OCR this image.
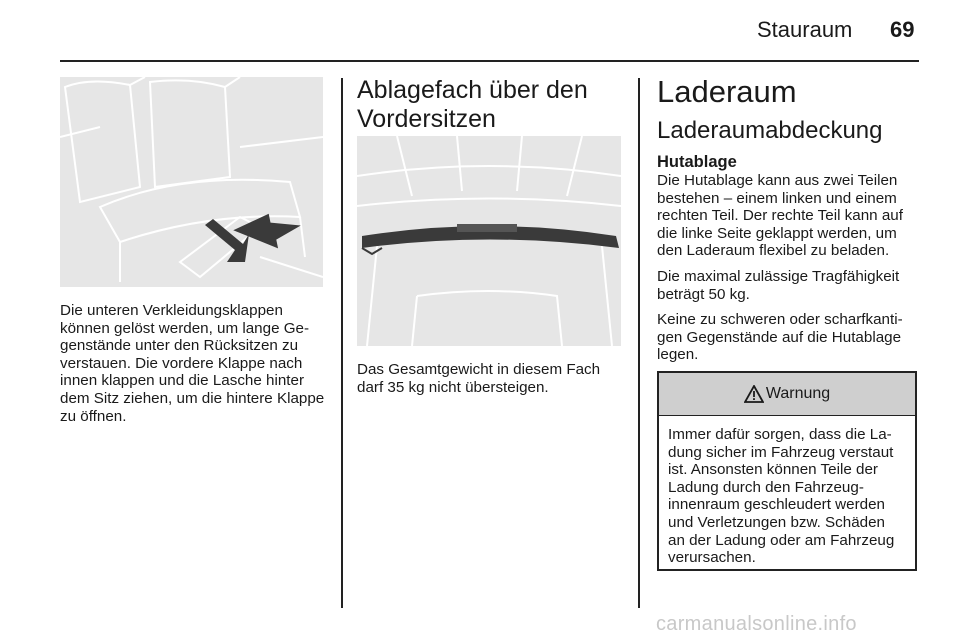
Stauraum 69
Die unteren Verkleidungsklappen können gelöst werden, um lange Ge-genstände unter den Rücksitzen zu verstauen. Die vordere Klappe nach innen klappen und die Lasche hinter dem Sitz ziehen, um die hintere Klappe zu öffnen.
Ablagefach über den
Vordersitzen
Das Gesamtgewicht in diesem Fach darf 35 kg nicht übersteigen.
Laderaum
Laderaumabdeckung
Hutablage

Die Hutablage kann aus zwei Teilen bestehen – einem linken und einem rechten Teil. Der rechte Teil kann auf die linke Seite geklappt werden, um den Laderaum flexibel zu beladen.

Die maximal zulässige Tragfähigkeit beträgt 50 kg.

Keine zu schweren oder scharfkanti-gen Gegenstände auf die Hutablage legen.

Warnung
Immer dafür sorgen, dass die La-dung sicher im Fahrzeug verstaut ist. Ansonsten können Teile der Ladung durch den Fahrzeug-innenraum geschleudert werden und Verletzungen bzw. Schäden an der Ladung oder am Fahrzeug verursachen.
carmanualsonline.info
